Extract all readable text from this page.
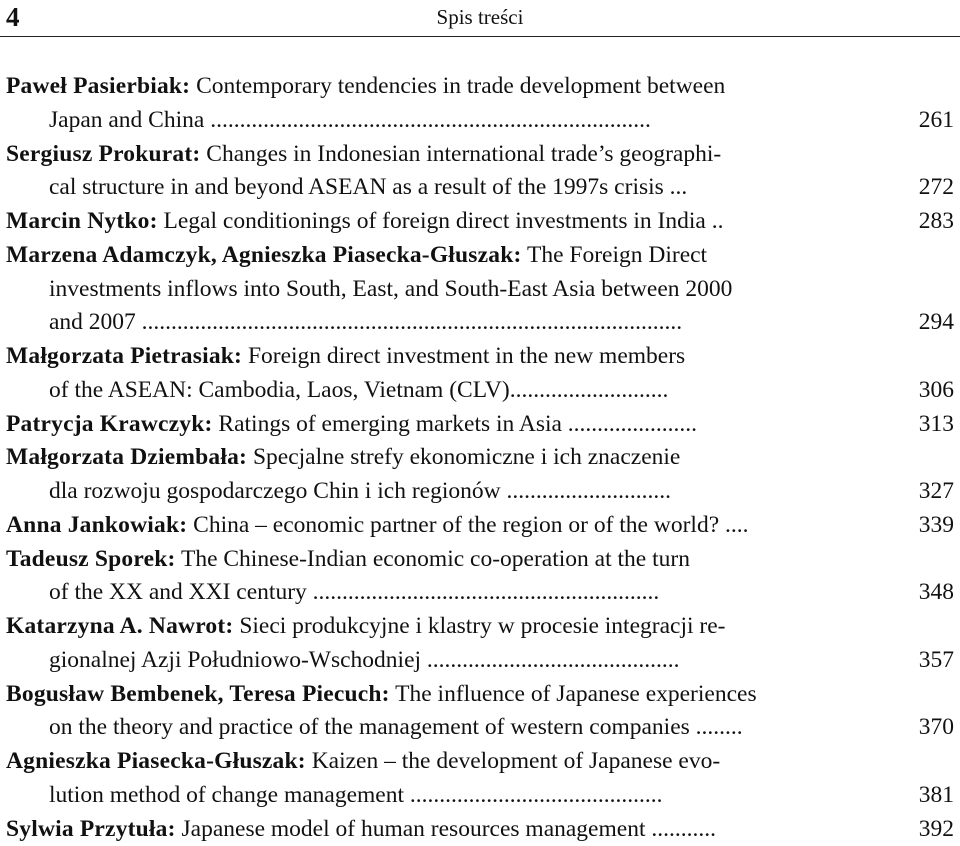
4	Spis treści
Paweł Pasierbiak: Contemporary tendencies in trade development between
Japan and China ...........................................................................	261
Sergiusz Prokurat: Changes in Indonesian international trade’s geographi-
cal structure in and beyond ASEAN as a result of the 1997s crisis ...	272
Marcin Nytko: Legal conditionings of foreign direct investments in India ..	283
Marzena Adamczyk, Agnieszka Piasecka-Głuszak: The Foreign Direct
investments inflows into South, East, and South-East Asia between 2000
and 2007 ............................................................................................	294
Małgorzata Pietrasiak: Foreign direct investment in the new members
of the ASEAN: Cambodia, Laos, Vietnam (CLV)...........................	306
Patrycja Krawczyk: Ratings of emerging markets in Asia ......................	313
Małgorzata Dziembała: Specjalne strefy ekonomiczne i ich znaczenie
dla rozwoju gospodarczego Chin i ich regionów ............................	327
Anna Jankowiak: China – economic partner of the region or of the world? ....	339
Tadeusz Sporek: The Chinese-Indian economic co-operation at the turn
of the XX and XXI century ...........................................................	348
Katarzyna A. Nawrot: Sieci produkcyjne i klastry w procesie integracji re-
gionalnej Azji Południowo-Wschodniej ...........................................	357
Bogusław Bembenek, Teresa Piecuch: The influence of Japanese experiences
on the theory and practice of the management of western companies ........	370
Agnieszka Piasecka-Głuszak: Kaizen – the development of Japanese evo-
lution method of change management ...........................................	381
Sylwia Przytuła: Japanese model of human resources management ...........	392
